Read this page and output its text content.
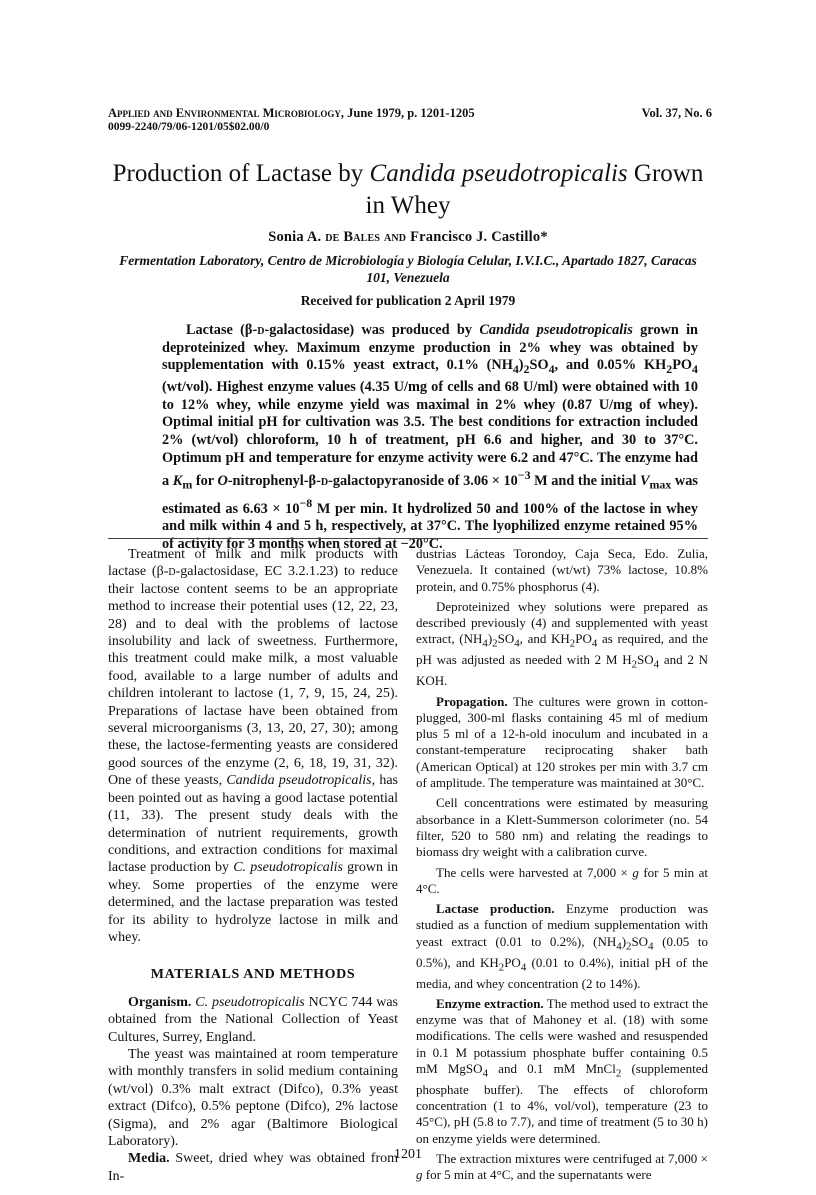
Applied and Environmental Microbiology, June 1979, p. 1201-1205	Vol. 37, No. 6
0099-2240/79/06-1201/05$02.00/0
Production of Lactase by Candida pseudotropicalis Grown in Whey
Sonia A. de Bales and Francisco J. Castillo*
Fermentation Laboratory, Centro de Microbiología y Biología Celular, I.V.I.C., Apartado 1827, Caracas 101, Venezuela
Received for publication 2 April 1979
Lactase (β-d-galactosidase) was produced by Candida pseudotropicalis grown in deproteinized whey. Maximum enzyme production in 2% whey was obtained by supplementation with 0.15% yeast extract, 0.1% $(NH_4)_2SO_4$, and 0.05% $KH_2PO_4$ (wt/vol). Highest enzyme values (4.35 U/mg of cells and 68 U/ml) were obtained with 10 to 12% whey, while enzyme yield was maximal in 2% whey (0.87 U/mg of whey). Optimal initial pH for cultivation was 3.5. The best conditions for extraction included 2% (wt/vol) chloroform, 10 h of treatment, pH 6.6 and higher, and 30 to 37°C. Optimum pH and temperature for enzyme activity were 6.2 and 47°C. The enzyme had a $K_m$ for O-nitrophenyl-β-d-galactopyranoside of $3.06 \times 10^{-3}$ M and the initial $V_{max}$ was estimated as $6.63 \times 10^{-8}$ M per min. It hydrolized 50 and 100% of the lactose in whey and milk within 4 and 5 h, respectively, at 37°C. The lyophilized enzyme retained 95% of activity for 3 months when stored at −20°C.

Treatment of milk and milk products with lactase (β-d-galactosidase, EC 3.2.1.23) to reduce their lactose content seems to be an appropriate method to increase their potential uses (12, 22, 23, 28) and to deal with the problems of lactose insolubility and lack of sweetness. Furthermore, this treatment could make milk, a most valuable food, available to a large number of adults and children intolerant to lactose (1, 7, 9, 15, 24, 25). Preparations of lactase have been obtained from several microorganisms (3, 13, 20, 27, 30); among these, the lactose-fermenting yeasts are considered good sources of the enzyme (2, 6, 18, 19, 31, 32). One of these yeasts, Candida pseudotropicalis, has been pointed out as having a good lactase potential (11, 33). The present study deals with the determination of nutrient requirements, growth conditions, and extraction conditions for maximal lactase production by C. pseudotropicalis grown in whey. Some properties of the enzyme were determined, and the lactase preparation was tested for its ability to hydrolyze lactose in milk and whey.

MATERIALS AND METHODS

Organism. C. pseudotropicalis NCYC 744 was obtained from the National Collection of Yeast Cultures, Surrey, England.

The yeast was maintained at room temperature with monthly transfers in solid medium containing (wt/vol) 0.3% malt extract (Difco), 0.3% yeast extract (Difco), 0.5% peptone (Difco), 2% lactose (Sigma), and 2% agar (Baltimore Biological Laboratory).

Media. Sweet, dried whey was obtained from In-

dustrias Lácteas Torondoy, Caja Seca, Edo. Zulia, Venezuela. It contained (wt/wt) 73% lactose, 10.8% protein, and 0.75% phosphorus (4).

Deproteinized whey solutions were prepared as described previously (4) and supplemented with yeast extract, $(NH_4)_2SO_4$, and $KH_2PO_4$ as required, and the pH was adjusted as needed with 2 M $H_2SO_4$ and 2 N KOH.

Propagation. The cultures were grown in cotton-plugged, 300-ml flasks containing 45 ml of medium plus 5 ml of a 12-h-old inoculum and incubated in a constant-temperature reciprocating shaker bath (American Optical) at 120 strokes per min with 3.7 cm of amplitude. The temperature was maintained at 30°C.

Cell concentrations were estimated by measuring absorbance in a Klett-Summerson colorimeter (no. 54 filter, 520 to 580 nm) and relating the readings to biomass dry weight with a calibration curve.

The cells were harvested at 7,000 × g for 5 min at 4°C.

Lactase production. Enzyme production was studied as a function of medium supplementation with yeast extract (0.01 to 0.2%), $(NH_4)_2SO_4$ (0.05 to 0.5%), and $KH_2PO_4$ (0.01 to 0.4%), initial pH of the media, and whey concentration (2 to 14%).

Enzyme extraction. The method used to extract the enzyme was that of Mahoney et al. (18) with some modifications. The cells were washed and resuspended in 0.1 M potassium phosphate buffer containing 0.5 mM MgSO$_4$ and 0.1 mM MnCl$_2$ (supplemented phosphate buffer). The effects of chloroform concentration (1 to 4%, vol/vol), temperature (23 to 45°C), pH (5.8 to 7.7), and time of treatment (5 to 30 h) on enzyme yields were determined.

The extraction mixtures were centrifuged at 7,000 × g for 5 min at 4°C, and the supernatants were

1201
